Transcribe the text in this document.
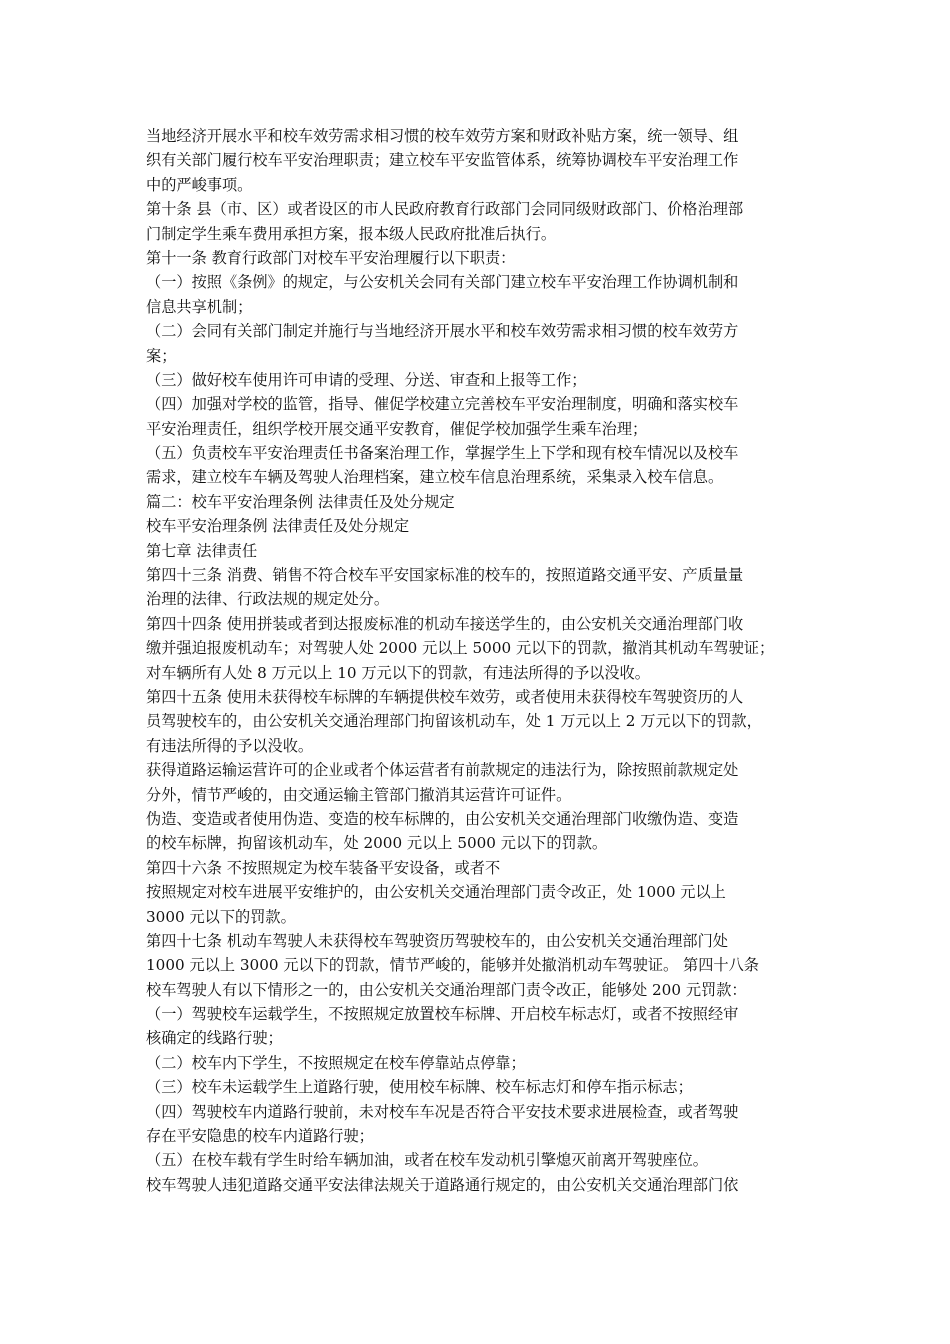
当地经济开展水平和校车效劳需求相习惯的校车效劳方案和财政补贴方案，统一领导、组
织有关部门履行校车平安治理职责；建立校车平安监管体系，统筹协调校车平安治理工作
中的严峻事项。
第十条 县（市、区）或者设区的市人民政府教育行政部门会同同级财政部门、价格治理部
门制定学生乘车费用承担方案，报本级人民政府批准后执行。
第十一条 教育行政部门对校车平安治理履行以下职责：
（一）按照《条例》的规定，与公安机关会同有关部门建立校车平安治理工作协调机制和
信息共享机制；
（二）会同有关部门制定并施行与当地经济开展水平和校车效劳需求相习惯的校车效劳方
案；
（三）做好校车使用许可申请的受理、分送、审查和上报等工作；
（四）加强对学校的监管，指导、催促学校建立完善校车平安治理制度，明确和落实校车
平安治理责任，组织学校开展交通平安教育，催促学校加强学生乘车治理；
（五）负责校车平安治理责任书备案治理工作，掌握学生上下学和现有校车情况以及校车
需求，建立校车车辆及驾驶人治理档案，建立校车信息治理系统，采集录入校车信息。
篇二：校车平安治理条例 法律责任及处分规定
校车平安治理条例 法律责任及处分规定
第七章 法律责任
第四十三条 消费、销售不符合校车平安国家标准的校车的，按照道路交通平安、产质量量
治理的法律、行政法规的规定处分。
第四十四条 使用拼装或者到达报废标准的机动车接送学生的，由公安机关交通治理部门收
缴并强迫报废机动车；对驾驶人处 2000 元以上 5000 元以下的罚款，撤消其机动车驾驶证；
对车辆所有人处 8 万元以上 10 万元以下的罚款，有违法所得的予以没收。
第四十五条 使用未获得校车标牌的车辆提供校车效劳，或者使用未获得校车驾驶资历的人
员驾驶校车的，由公安机关交通治理部门拘留该机动车，处 1 万元以上 2 万元以下的罚款，
有违法所得的予以没收。
获得道路运输运营许可的企业或者个体运营者有前款规定的违法行为，除按照前款规定处
分外，情节严峻的，由交通运输主管部门撤消其运营许可证件。
伪造、变造或者使用伪造、变造的校车标牌的，由公安机关交通治理部门收缴伪造、变造
的校车标牌，拘留该机动车，处 2000 元以上 5000 元以下的罚款。
第四十六条 不按照规定为校车装备平安设备，或者不
按照规定对校车进展平安维护的，由公安机关交通治理部门责令改正，处 1000 元以上
3000 元以下的罚款。
第四十七条 机动车驾驶人未获得校车驾驶资历驾驶校车的，由公安机关交通治理部门处
1000 元以上 3000 元以下的罚款，情节严峻的，能够并处撤消机动车驾驶证。 第四十八条
校车驾驶人有以下情形之一的，由公安机关交通治理部门责令改正，能够处 200 元罚款：
（一）驾驶校车运载学生，不按照规定放置校车标牌、开启校车标志灯，或者不按照经审
核确定的线路行驶；
（二）校车内下学生，不按照规定在校车停靠站点停靠；
（三）校车未运载学生上道路行驶，使用校车标牌、校车标志灯和停车指示标志；
（四）驾驶校车内道路行驶前，未对校车车况是否符合平安技术要求进展检查，或者驾驶
存在平安隐患的校车内道路行驶；
（五）在校车载有学生时给车辆加油，或者在校车发动机引擎熄灭前离开驾驶座位。
校车驾驶人违犯道路交通平安法律法规关于道路通行规定的，由公安机关交通治理部门依
